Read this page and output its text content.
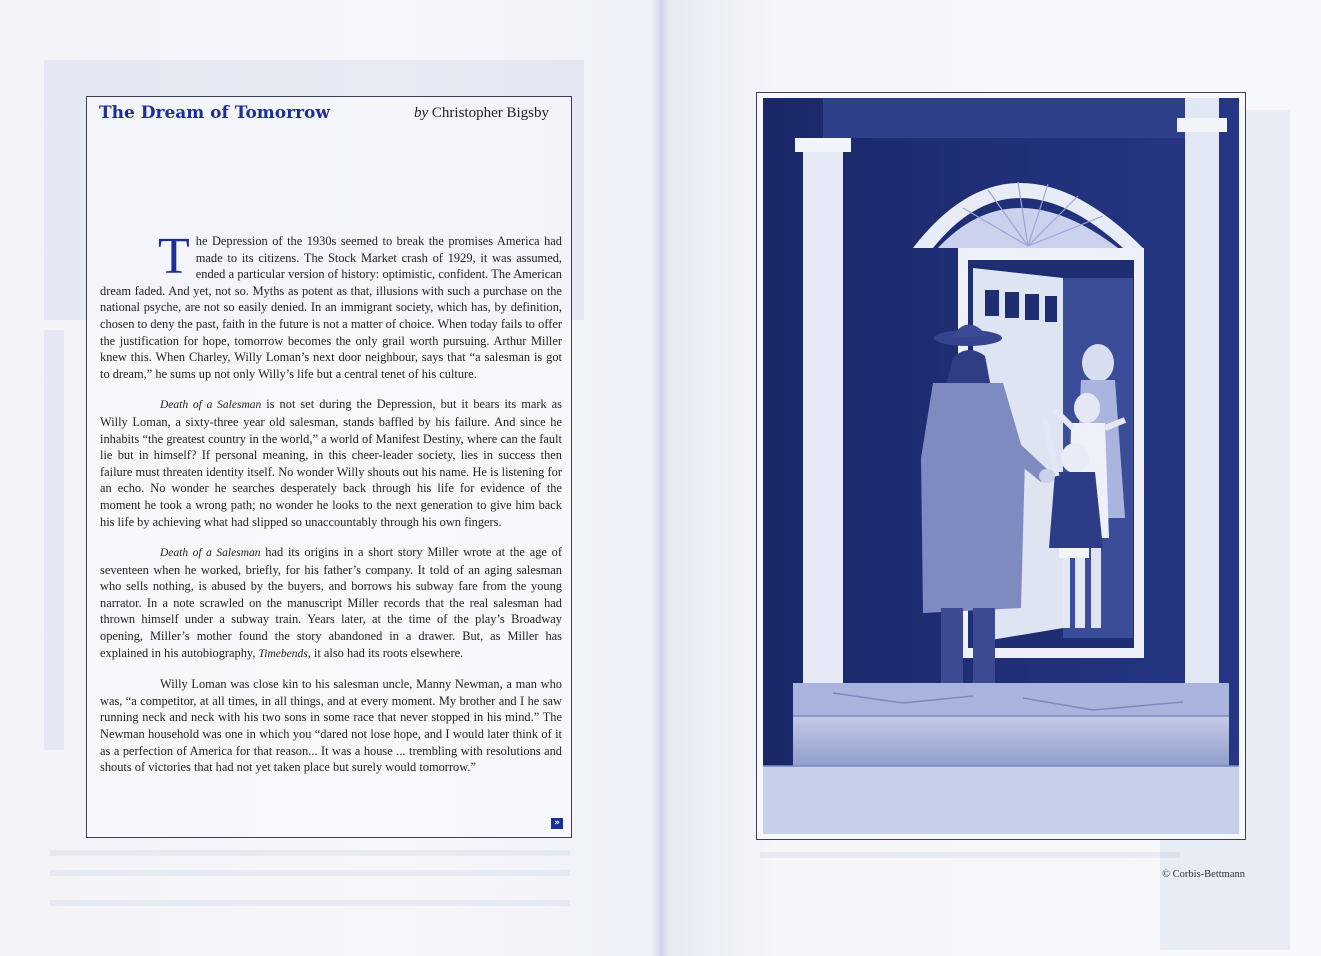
The Dream of Tomorrow	by Christopher Bigsby

The Depression of the 1930s seemed to break the promises America had made to its citizens. The Stock Market crash of 1929, it was assumed, ended a particular version of history: optimistic, confident. The American dream faded. And yet, not so. Myths as potent as that, illusions with such a purchase on the national psyche, are not so easily denied. In an immigrant society, which has, by definition, chosen to deny the past, faith in the future is not a matter of choice. When today fails to offer the justification for hope, tomorrow becomes the only grail worth pursuing. Arthur Miller knew this. When Charley, Willy Loman’s next door neighbour, says that “a salesman is got to dream,” he sums up not only Willy’s life but a central tenet of his culture.

Death of a Salesman is not set during the Depression, but it bears its mark as Willy Loman, a sixty-three year old salesman, stands baffled by his failure. And since he inhabits “the greatest country in the world,” a world of Manifest Destiny, where can the fault lie but in himself? If personal meaning, in this cheer-leader society, lies in success then failure must threaten identity itself. No wonder Willy shouts out his name. He is listening for an echo. No wonder he searches desperately back through his life for evidence of the moment he took a wrong path; no wonder he looks to the next generation to give him back his life by achieving what had slipped so unaccountably through his own fingers.

Death of a Salesman had its origins in a short story Miller wrote at the age of seventeen when he worked, briefly, for his father’s company. It told of an aging salesman who sells nothing, is abused by the buyers, and borrows his subway fare from the young narrator. In a note scrawled on the manuscript Miller records that the real salesman had thrown himself under a subway train. Years later, at the time of the play’s Broadway opening, Miller’s mother found the story abandoned in a drawer. But, as Miller has explained in his autobiography, Timebends, it also had its roots elsewhere.

Willy Loman was close kin to his salesman uncle, Manny Newman, a man who was, “a competitor, at all times, in all things, and at every moment. My brother and I he saw running neck and neck with his two sons in some race that never stopped in his mind.” The Newman household was one in which you “dared not lose hope, and I would later think of it as a perfection of America for that reason... It was a house ... trembling with resolutions and shouts of victories that had not yet taken place but surely would tomorrow.”

»
© Corbis-Bettmann
